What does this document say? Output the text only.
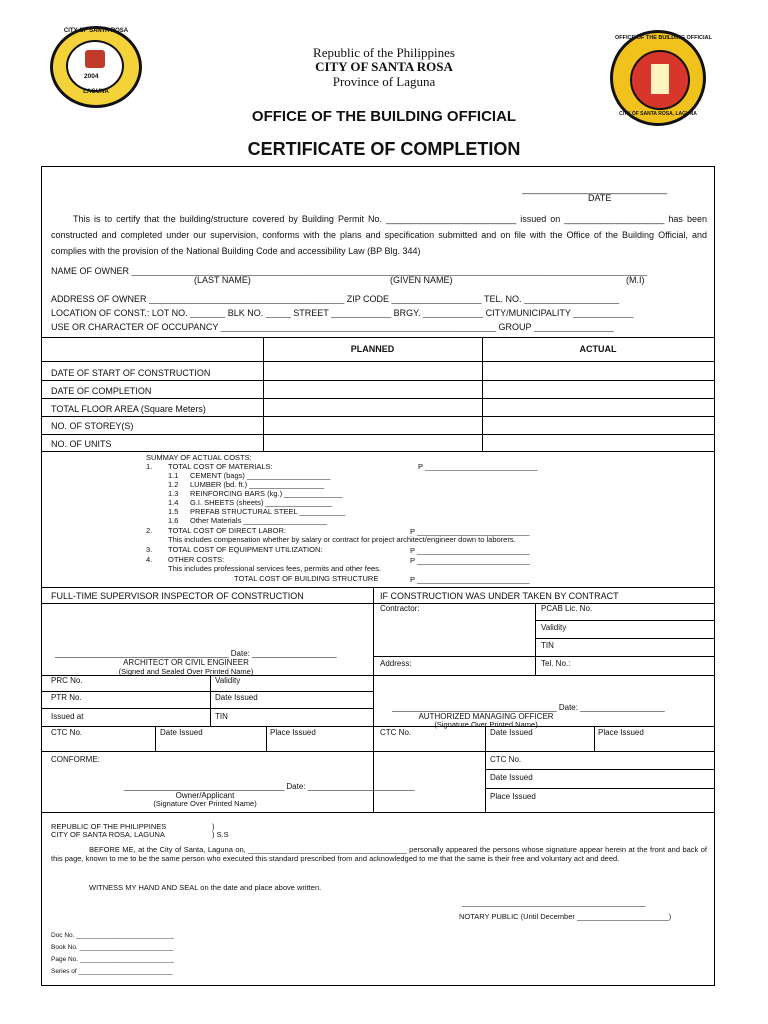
2004
CITY OF SANTA ROSA
LAGUNA
OFFICE OF THE BUILDING OFFICIAL
CITY OF SANTA ROSA, LAGUNA
Republic of the Philippines
CITY OF SANTA ROSA
Province of Laguna
OFFICE OF THE BUILDING OFFICIAL
CERTIFICATE OF COMPLETION
_____________________________
DATE
This is to certify that the building/structure covered by Building Permit No. __________________________ issued on ____________________ has been constructed and completed under our supervision, conforms with the plans and specification submitted and on file with the Office of the Building Official, and complies with the provision of the National Building Code and accessibility Law (BP Blg. 344)
NAME OF OWNER _______________________________________________________________________________________________________
(LAST NAME)	(GIVEN NAME)	(M.I)
ADDRESS OF OWNER _______________________________________ ZIP CODE __________________ TEL. NO. ___________________
LOCATION OF CONST.: LOT NO. _______ BLK NO. _____ STREET ____________ BRGY. ____________ CITY/MUNICIPALITY ____________
USE OR CHARACTER OF OCCUPANCY _______________________________________________________ GROUP ________________
PLANNED	ACTUAL
DATE OF START OF CONSTRUCTION
DATE OF COMPLETION
TOTAL FLOOR AREA (Square Meters)
NO. OF STOREY(S)
NO. OF UNITS
SUMMAY OF ACTUAL COSTS:
1. TOTAL COST OF MATERIALS:	P ___________________________
1.1 CEMENT (bags) ____________________
1.2 LUMBER (bd. ft.) __________________
1.3 REINFORCING BARS (kg.) ______________
1.4 G.I. SHEETS (sheets) ________________
1.5 PREFAB STRUCTURAL STEEL ___________
1.6 Other Materials ____________________
2. TOTAL COST OF DIRECT LABOR:	P ___________________________
This includes compensation whether by salary or contract for project architect/engineer down to laborers.
3. TOTAL COST OF EQUIPMENT UTILIZATION:	P ___________________________
4. OTHER COSTS:	P ___________________________
This includes professional services fees, permits and other fees.
TOTAL COST OF BUILDING STRUCTURE	P ___________________________
FULL-TIME SUPERVISOR INSPECTOR OF CONSTRUCTION
_______________________________________ Date: ___________________
ARCHITECT OR CIVIL ENGINEER
(Signed and Sealed Over Printed Name)
PRC No.	Validity
PTR No.	Date Issued
Issued at	TIN
CTC No.	Date Issued	Place Issued
IF CONSTRUCTION WAS UNDER TAKEN BY CONTRACT
Contractor:	PCAB Lic. No.
Validity
TIN
Address:	Tel. No.:
_____________________________________ Date: ___________________
AUTHORIZED MANAGING OFFICER
(Signature Over Printed Name)
CTC No.	Date Issued	Place Issued
CONFORME:
____________________________________ Date: ________________________
Owner/Applicant
(Signature Over Printed Name)
CTC No.
Date Issued
Place Issued
REPUBLIC OF THE PHILIPPINES	)
CITY OF SANTA ROSA, LAGUNA	) S.S
BEFORE ME, at the City of Santa, Laguna on, ______________________________________ personally appeared the persons whose signature appear herein at the front and back of this page, known to me to be the same person who executed this standard prescribed from and acknowledged to me that the same is their free and voluntary act and deed.
WITNESS MY HAND AND SEAL on the date and place above written.
____________________________________________
NOTARY PUBLIC (Until December ______________________)
Doc No. ___________________________
Book No. __________________________
Page No. __________________________
Series of __________________________
